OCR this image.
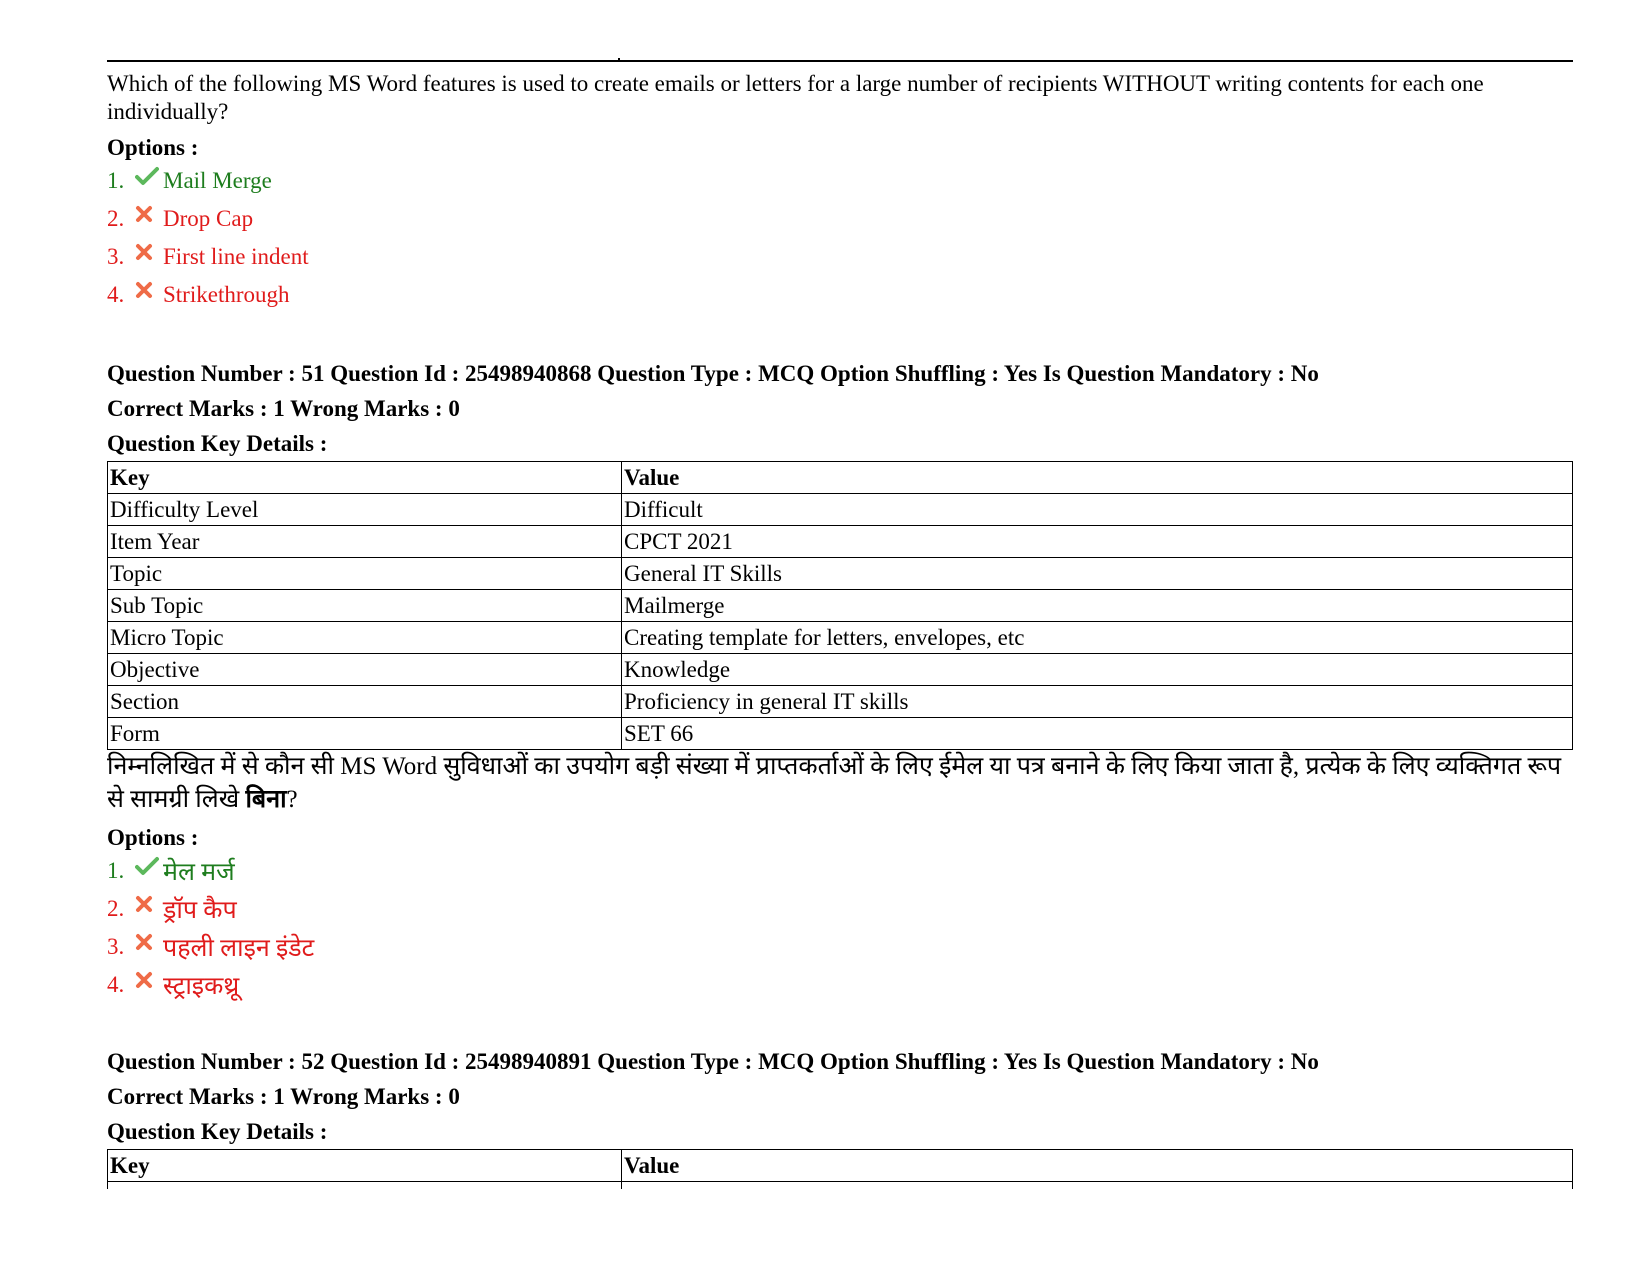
Which of the following MS Word features is used to create emails or letters for a large number of recipients WITHOUT writing contents for each one individually?
Options :
1.	Mail Merge
2.	Drop Cap
3.	First line indent
4.	Strikethrough
Question Number : 51 Question Id : 25498940868 Question Type : MCQ Option Shuffling : Yes Is Question Mandatory : No
Correct Marks : 1 Wrong Marks : 0
Question Key Details :
Key	Value
Difficulty Level	Difficult
Item Year	CPCT 2021
Topic	General IT Skills
Sub Topic	Mailmerge
Micro Topic	Creating template for letters, envelopes, etc
Objective	Knowledge
Section	Proficiency in general IT skills
Form	SET 66
निम्नलिखित में से कौन सी MS Word सुविधाओं का उपयोग बड़ी संख्या में प्राप्तकर्ताओं के लिए ईमेल या पत्र बनाने के लिए किया जाता है, प्रत्येक के लिए व्यक्तिगत रूप से सामग्री लिखे बिना?
Options :
1.	मेल मर्ज
2.	ड्रॉप कैप
3.	पहली लाइन इंडेट
4.	स्ट्राइकथ्रू
Question Number : 52 Question Id : 25498940891 Question Type : MCQ Option Shuffling : Yes Is Question Mandatory : No
Correct Marks : 1 Wrong Marks : 0
Question Key Details :
Key	Value
